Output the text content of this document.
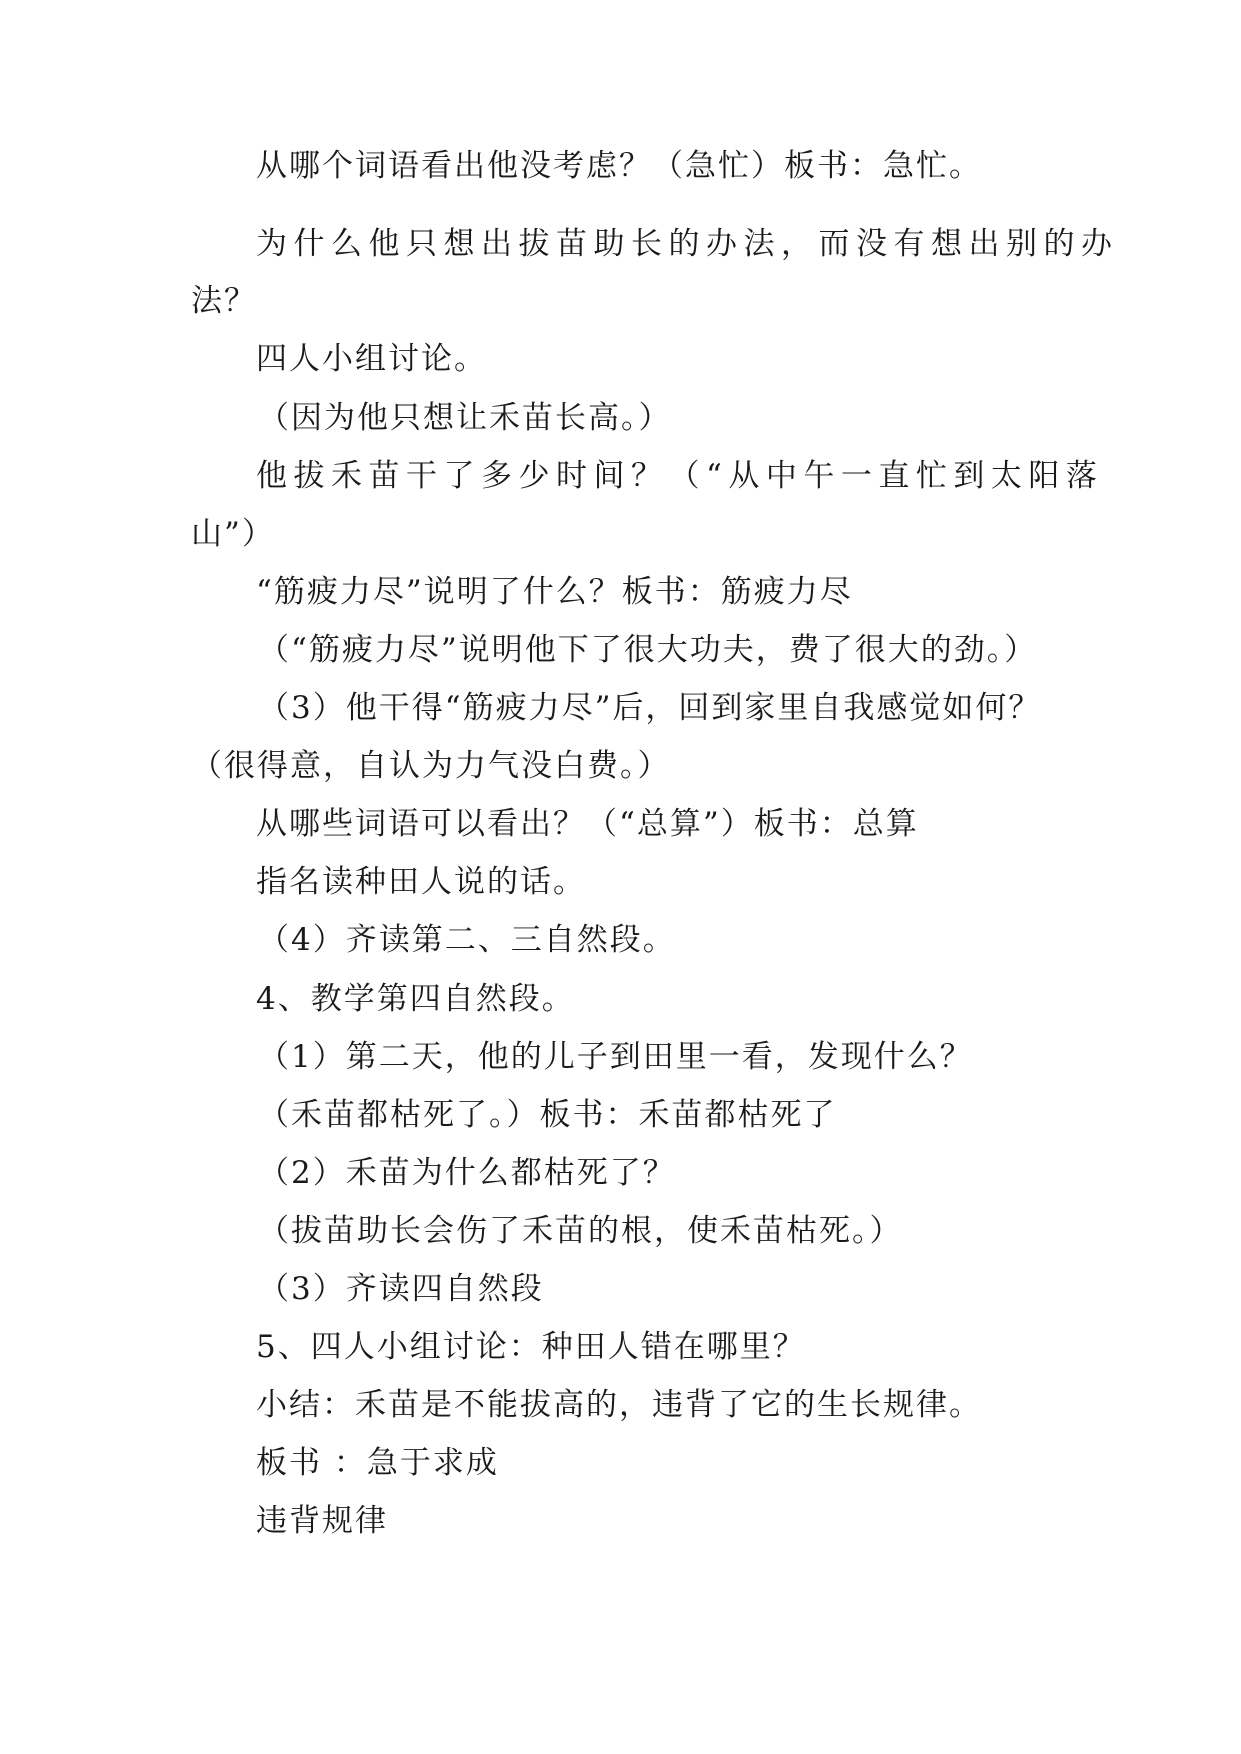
从哪个词语看出他没考虑？（急忙）板书：急忙。
为什么他只想出拔苗助长的办法，而没有想出别的办
法？
四人小组讨论。
（因为他只想让禾苗长高。）
他拔禾苗干了多少时间？（“从中午一直忙到太阳落
山”）
“筋疲力尽”说明了什么？板书：筋疲力尽
（“筋疲力尽”说明他下了很大功夫，费了很大的劲。）
（3）他干得“筋疲力尽”后，回到家里自我感觉如何？
（很得意，自认为力气没白费。）
从哪些词语可以看出？（“总算”）板书：总算
指名读种田人说的话。
（4）齐读第二、三自然段。
4、教学第四自然段。
（1）第二天，他的儿子到田里一看，发现什么？
（禾苗都枯死了。）板书：禾苗都枯死了
（2）禾苗为什么都枯死了？
（拔苗助长会伤了禾苗的根，使禾苗枯死。）
（3）齐读四自然段
5、四人小组讨论：种田人错在哪里？
小结：禾苗是不能拔高的，违背了它的生长规律。
板书 ：急于求成
违背规律
